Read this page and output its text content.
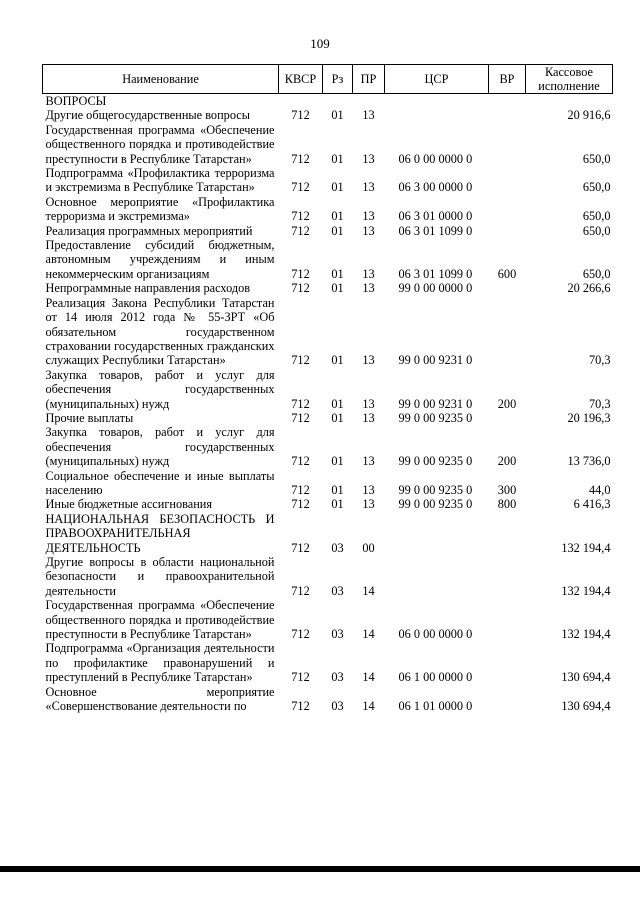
109
Наименование	КВСР	Рз	ПР	ЦСР	ВР	Кассовое исполнение
ВОПРОСЫ						
Другие общегосударственные вопросы	712	01	13			20 916,6
Государственная программа «Обеспечение общественного порядка и противодействие преступности в Республике Татарстан»	712	01	13	06 0 00 0000 0		650,0
Подпрограмма «Профилактика терроризма и экстремизма в Республике Татарстан»	712	01	13	06 3 00 0000 0		650,0
Основное мероприятие «Профилактика терроризма и экстремизма»	712	01	13	06 3 01 0000 0		650,0
Реализация программных мероприятий	712	01	13	06 3 01 1099 0		650,0
Предоставление субсидий бюджетным, автономным учреждениям и иным некоммерческим организациям	712	01	13	06 3 01 1099 0	600	650,0
Непрограммные направления расходов	712	01	13	99 0 00 0000 0		20 266,6
Реализация Закона Республики Татарстан от 14 июля 2012 года № 55-ЗРТ «Об обязательном государственном страховании государственных гражданских служащих Республики Татарстан»	712	01	13	99 0 00 9231 0		70,3
Закупка товаров, работ и услуг для обеспечения государственных (муниципальных) нужд	712	01	13	99 0 00 9231 0	200	70,3
Прочие выплаты	712	01	13	99 0 00 9235 0		20 196,3
Закупка товаров, работ и услуг для обеспечения государственных (муниципальных) нужд	712	01	13	99 0 00 9235 0	200	13 736,0
Социальное обеспечение и иные выплаты населению	712	01	13	99 0 00 9235 0	300	44,0
Иные бюджетные ассигнования	712	01	13	99 0 00 9235 0	800	6 416,3
НАЦИОНАЛЬНАЯ БЕЗОПАСНОСТЬ И ПРАВООХРАНИТЕЛЬНАЯ ДЕЯТЕЛЬНОСТЬ	712	03	00			132 194,4
Другие вопросы в области национальной безопасности и правоохранительной деятельности	712	03	14			132 194,4
Государственная программа «Обеспечение общественного порядка и противодействие преступности в Республике Татарстан»	712	03	14	06 0 00 0000 0		132 194,4
Подпрограмма «Организация деятельности по профилактике правонарушений и преступлений в Республике Татарстан»	712	03	14	06 1 00 0000 0		130 694,4
Основное мероприятие «Совершенствование деятельности по	712	03	14	06 1 01 0000 0		130 694,4
